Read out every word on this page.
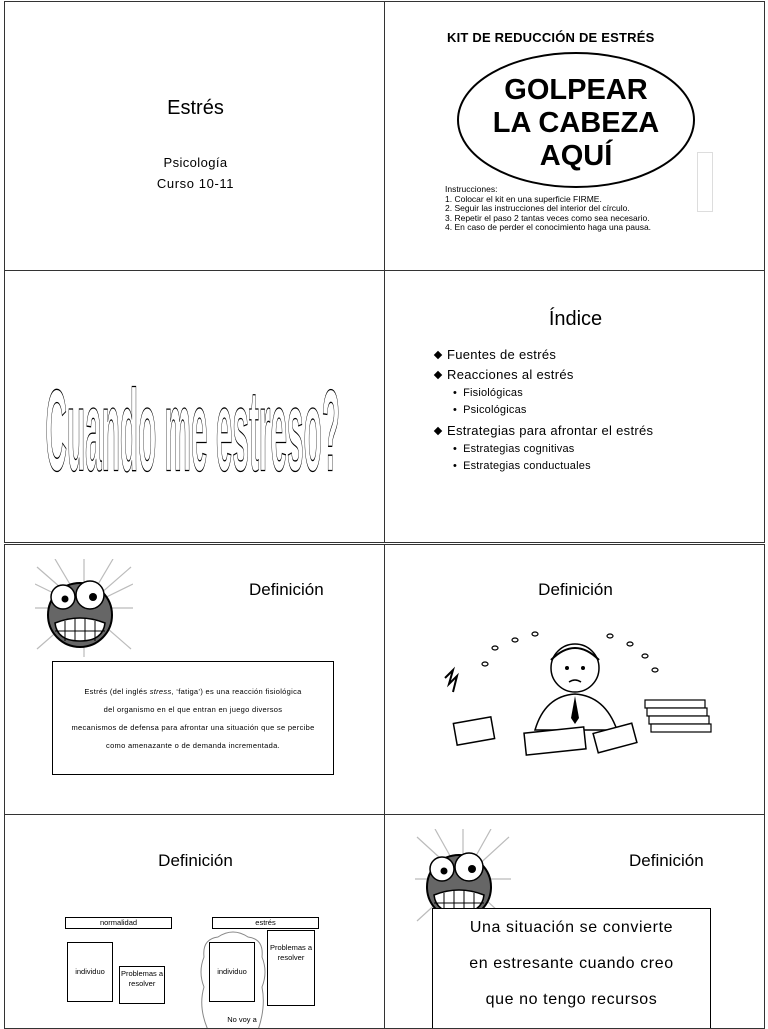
Estrés
Psicología
Curso 10-11
KIT DE REDUCCIÓN DE ESTRÉS
GOLPEAR
LA CABEZA
AQUÍ
Instrucciones:
1. Colocar el kit en una superficie FIRME.
2. Seguir las instrucciones del interior del círculo.
3. Repetir el paso 2 tantas veces como sea necesario.
4. En caso de perder el conocimiento haga una pausa.
Cuando me estreso?
Índice
Fuentes de estrés
Reacciones al estrés
• Fisiológicas
• Psicológicas
Estrategias para afrontar el estrés
• Estrategias cognitivas
• Estrategias conductuales
Definición
Estrés (del inglés stress, ‘fatiga’) es una reacción fisiológica
del organismo en el que entran en juego diversos
mecanismos de defensa para afrontar una situación que se percibe
como amenazante o de demanda incrementada.
Definición
Definición
normalidad	estrés
individuo	Problemas a resolver
individuo
Problemas a resolver
No voy a
Definición
Una situación se convierte
en estresante cuando creo
que no tengo recursos
